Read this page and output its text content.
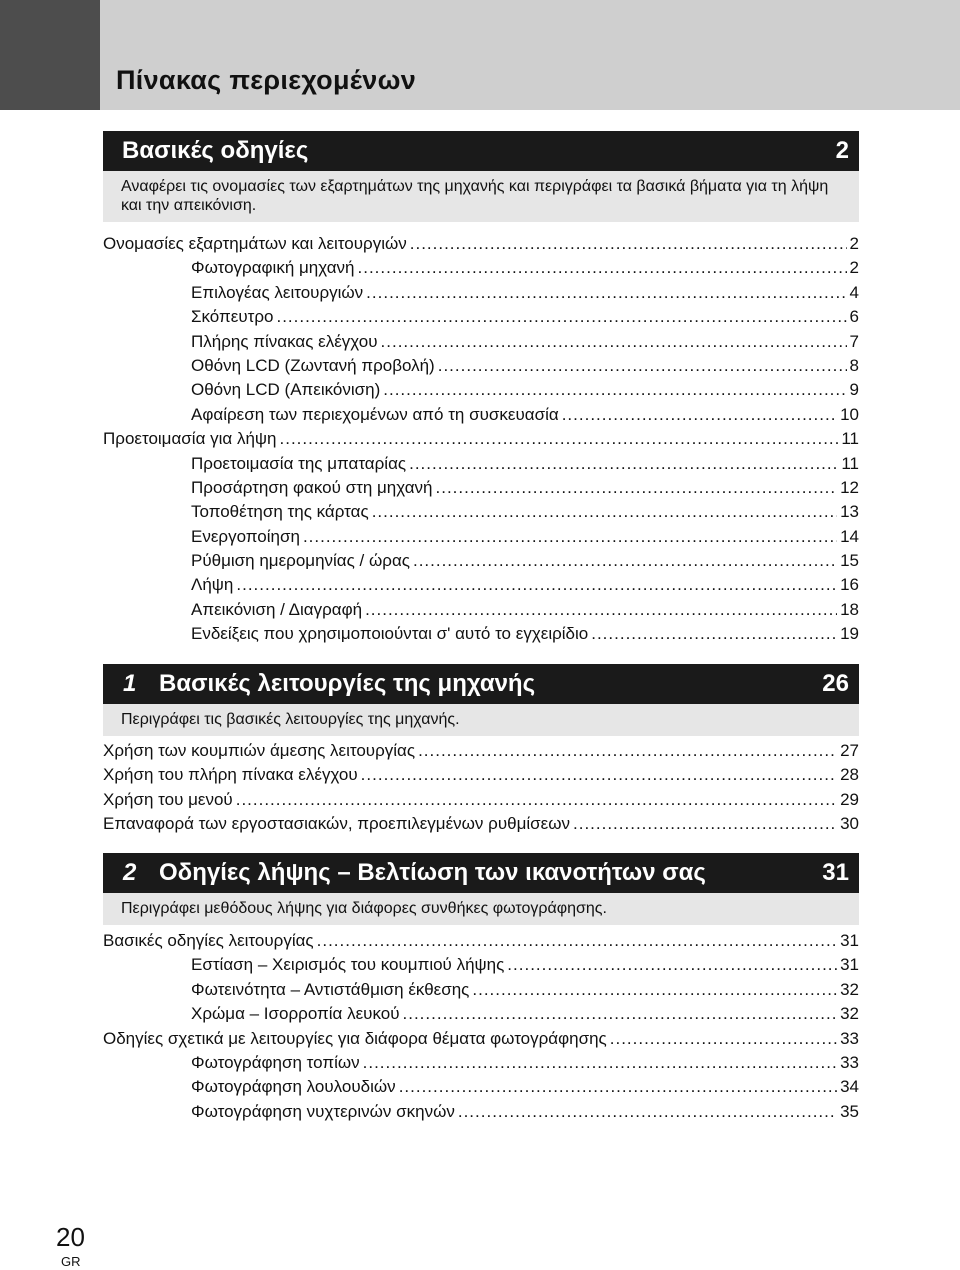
Πίνακας περιεχομένων
Βασικές οδηγίες	2
Αναφέρει τις ονομασίες των εξαρτημάτων της μηχανής και περιγράφει τα βασικά βήματα για τη λήψη και την απεικόνιση.
Ονομασίες εξαρτημάτων και λειτουργιών .....	2
Φωτογραφική μηχανή .....	2
Επιλογέας λειτουργιών .....	4
Σκόπευτρο .....	6
Πλήρης πίνακας ελέγχου .....	7
Οθόνη LCD (Ζωντανή προβολή) .....	8
Οθόνη LCD (Απεικόνιση) .....	9
Αφαίρεση των περιεχομένων από τη συσκευασία .....	10
Προετοιμασία για λήψη .....	11
Προετοιμασία της μπαταρίας .....	11
Προσάρτηση φακού στη μηχανή .....	12
Τοποθέτηση της κάρτας .....	13
Ενεργοποίηση .....	14
Ρύθμιση ημερομηνίας / ώρας .....	15
Λήψη .....	16
Απεικόνιση / Διαγραφή .....	18
Ενδείξεις που χρησιμοποιούνται σ' αυτό το εγχειρίδιο .....	19
1 Βασικές λειτουργίες της μηχανής	26
Περιγράφει τις βασικές λειτουργίες της μηχανής.
Χρήση των κουμπιών άμεσης λειτουργίας .....	27
Χρήση του πλήρη πίνακα ελέγχου .....	28
Χρήση του μενού .....	29
Επαναφορά των εργοστασιακών, προεπιλεγμένων ρυθμίσεων .....	30
2 Οδηγίες λήψης – Βελτίωση των ικανοτήτων σας	31
Περιγράφει μεθόδους λήψης για διάφορες συνθήκες φωτογράφησης.
Βασικές οδηγίες λειτουργίας .....	31
Εστίαση – Χειρισμός του κουμπιού λήψης .....	31
Φωτεινότητα – Αντιστάθμιση έκθεσης .....	32
Χρώμα – Ισορροπία λευκού .....	32
Οδηγίες σχετικά με λειτουργίες για διάφορα θέματα φωτογράφησης .....	33
Φωτογράφηση τοπίων .....	33
Φωτογράφηση λουλουδιών .....	34
Φωτογράφηση νυχτερινών σκηνών .....	35
20
GR
